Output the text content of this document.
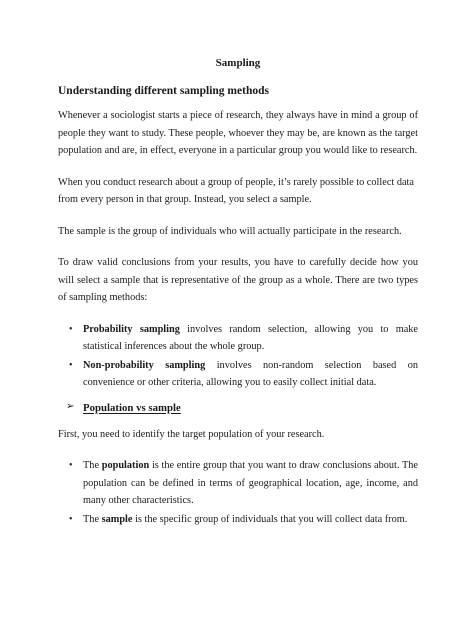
Sampling
Understanding different sampling methods

Whenever a sociologist starts a piece of research, they always have in mind a group of people they want to study. These people, whoever they may be, are known as the target population and are, in effect, everyone in a particular group you would like to research.

When you conduct research about a group of people, it’s rarely possible to collect data from every person in that group. Instead, you select a sample.

The sample is the group of individuals who will actually participate in the research.

To draw valid conclusions from your results, you have to carefully decide how you will select a sample that is representative of the group as a whole. There are two types of sampling methods:

• Probability sampling involves random selection, allowing you to make statistical inferences about the whole group.
• Non-probability sampling involves non-random selection based on convenience or other criteria, allowing you to easily collect initial data.
➢ Population vs sample

First, you need to identify the target population of your research.

• The population is the entire group that you want to draw conclusions about. The population can be defined in terms of geographical location, age, income, and many other characteristics.
• The sample is the specific group of individuals that you will collect data from.
